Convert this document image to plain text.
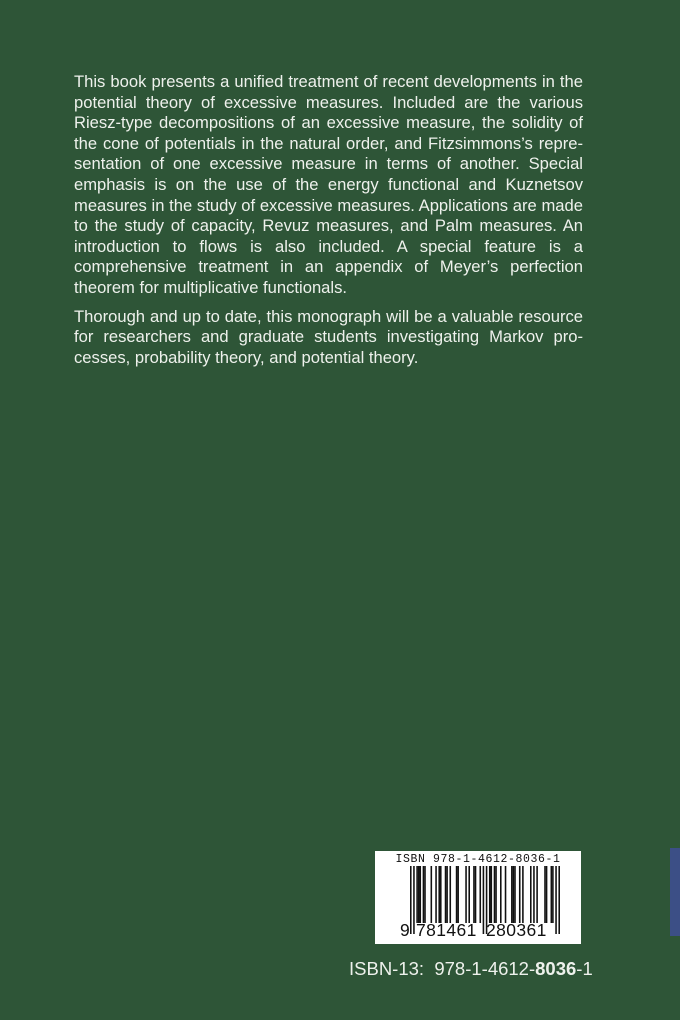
This book presents a unified treatment of recent developments in the potential theory of excessive measures. Included are the various Riesz-type decompositions of an excessive measure, the solidity of the cone of potentials in the natural order, and Fitzsimmons’s representation of one excessive measure in terms of another. Special emphasis is on the use of the energy functional and Kuznetsov measures in the study of excessive measures. Applications are made to the study of capacity, Revuz measures, and Palm measures. An introduction to flows is also included. A special feature is a comprehensive treatment in an appendix of Meyer’s perfection theorem for multiplicative functionals.

Thorough and up to date, this monograph will be a valuable resource for researchers and graduate students investigating Markov processes, probability theory, and potential theory.

ISBN 978-1-4612-8036-1
9 781461 280361
ISBN-13:  978-1-4612-8036-1
